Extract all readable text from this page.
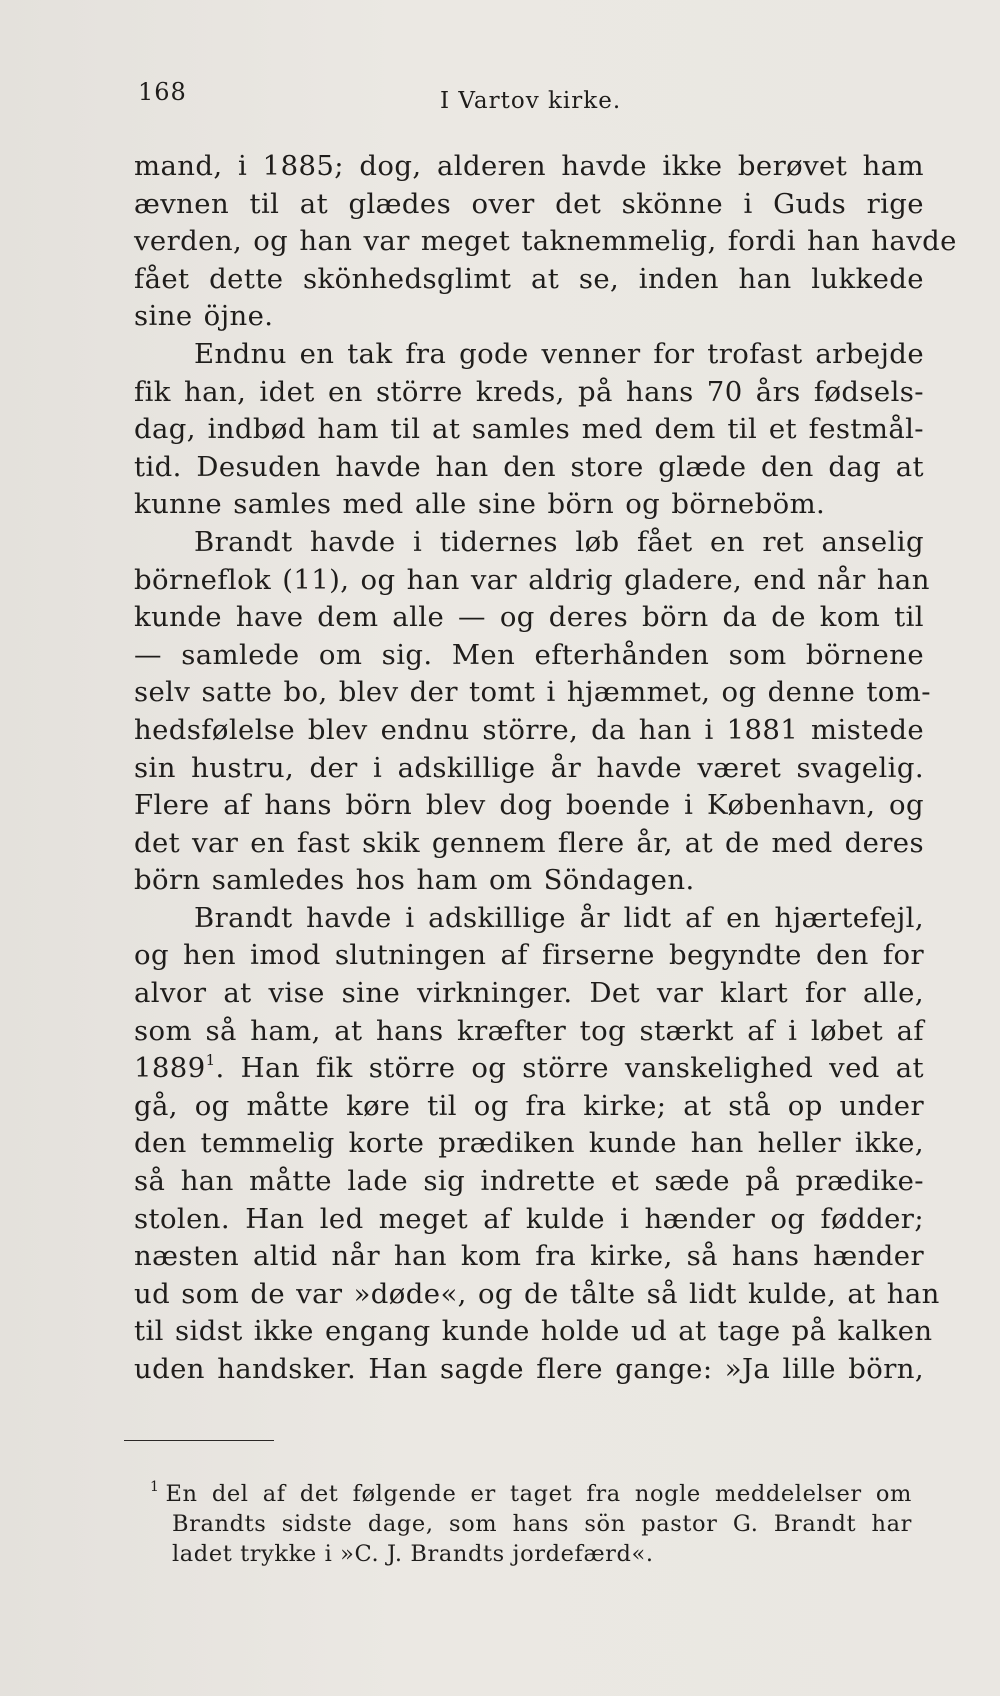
168	I Vartov kirke.

mand, i 1885; dog, alderen havde ikke berøvet ham
ævnen til at glædes over det skönne i Guds rige
verden, og han var meget taknemmelig, fordi han havde
fået dette skönhedsglimt at se, inden han lukkede
sine öjne.

Endnu en tak fra gode venner for trofast arbejde
fik han, idet en större kreds, på hans 70 års fødsels-
dag, indbød ham til at samles med dem til et festmål-
tid. Desuden havde han den store glæde den dag at
kunne samles med alle sine börn og börneböm.

Brandt havde i tidernes løb fået en ret anselig
börneflok (11), og han var aldrig gladere, end når han
kunde have dem alle — og deres börn da de kom til
— samlede om sig. Men efterhånden som börnene
selv satte bo, blev der tomt i hjæmmet, og denne tom-
hedsfølelse blev endnu större, da han i 1881 mistede
sin hustru, der i adskillige år havde været svagelig.
Flere af hans börn blev dog boende i København, og
det var en fast skik gennem flere år, at de med deres
börn samledes hos ham om Söndagen.

Brandt havde i adskillige år lidt af en hjærtefejl,
og hen imod slutningen af firserne begyndte den for
alvor at vise sine virkninger. Det var klart for alle,
som så ham, at hans kræfter tog stærkt af i løbet af
1889$^1$. Han fik större og större vanskelighed ved at
gå, og måtte køre til og fra kirke; at stå op under
den temmelig korte prædiken kunde han heller ikke,
så han måtte lade sig indrette et sæde på prædike-
stolen. Han led meget af kulde i hænder og fødder;
næsten altid når han kom fra kirke, så hans hænder
ud som de var »døde«, og de tålte så lidt kulde, at han
til sidst ikke engang kunde holde ud at tage på kalken
uden handsker. Han sagde flere gange: »Ja lille börn,

$^1$ En del af det følgende er taget fra nogle meddelelser om
Brandts sidste dage, som hans sön pastor G. Brandt har
ladet trykke i »C. J. Brandts jordefærd«.
